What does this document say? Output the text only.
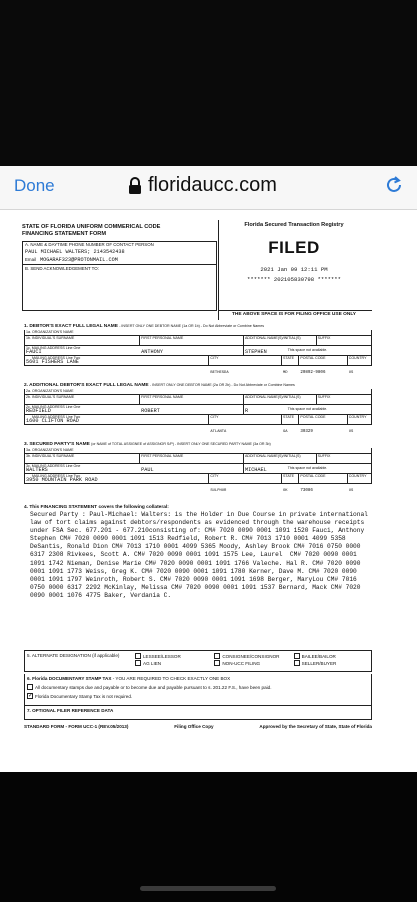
Done	floridaucc.com
STATE OF FLORIDA UNIFORM COMMERICAL CODE
FINANCING STATEMENT FORM
A. NAME & DAYTIME PHONE NUMBER OF CONTACT PERSON
PAUL MICHAEL WALTERS; 2143542438
Email MOGARAF323@PROTONMAIL.COM
B. SEND ACKNOWLEDGEMENT TO:
Florida Secured Transaction Registry
FILED
2021 Jan 09 12:11 PM
******* 202105830798 *******
THE ABOVE SPACE IS FOR FILING OFFICE USE ONLY
1. DEBTOR'S EXACT FULL LEGAL NAME - INSERT ONLY ONE DEBTOR NAME (1a OR 1b) - Do Not Abbreviate or Combine Names
1a. ORGANIZATION'S NAME
1b. INDIVIDUAL'S SURNAME
FAUCI
FIRST PERSONAL NAME
ANTHONY
ADDITIONAL NAME(S)/INITIAL(S)
STEPHEN
SUFFIX
1c. MAILING ADDRESS Line One
5601 FISHERS LANE
This space not available.
MAILING ADDRESS Line Two	CITY
BETHESDA
STATE
MD
POSTAL CODE
20892-9806
COUNTRY
US
2. ADDITIONAL DEBTOR'S EXACT FULL LEGAL NAME - INSERT ONLY ONE DEBTOR NAME (2a OR 2b) - Do Not Abbreviate or Combine Names
2a. ORGANIZATION'S NAME
2b. INDIVIDUAL'S SURNAME
REDFIELD
FIRST PERSONAL NAME
ROBERT
ADDITIONAL NAME(S)/INITIAL(S)
R
SUFFIX
2c. MAILING ADDRESS Line One
1600 CLIFTON ROAD
This space not available.
MAILING ADDRESS Line Two	CITY
ATLANTA
STATE
GA
POSTAL CODE
30329
COUNTRY
US
3. SECURED PARTY'S NAME (or NAME of TOTAL ASSIGNEE of ASSIGNOR S/P) - INSERT ONLY ONE SECURED PARTY NAME (3a OR 3b)
3a. ORGANIZATION'S NAME
3b. INDIVIDUAL'S SURNAME
WALTERS
FIRST PERSONAL NAME
PAUL
ADDITIONAL NAME(S)/INITIAL(S)
MICHAEL
SUFFIX
3c. MAILING ADDRESS Line One
3950 MOUNTAIN PARK ROAD
This space not available.
MAILING ADDRESS Line Two	CITY
SULPHUR
STATE
OK
POSTAL CODE
73086
COUNTRY
US
4. This FINANCING STATEMENT covers the following collateral:
Secured Party : Paul-Michael: Walters: is the Holder in Due Course in private international law of tort claims against debtors/respondents as evidenced through the warehouse receipts under FSA Sec. 677.201 - 677.210consisting of: CM# 7020 0090 0001 1091 1520 Fauci, Anthony Stephen CM# 7020 0090 0001 1091 1513 Redfield, Robert R. CM# 7013 1710 0001 4099 5358 DeSantis, Ronald Dion CM# 7013 1710 0001 4099 5365 Moody, Ashley Brook CM# 7016 0750 0000 6317 2308 Rivkees, Scott A. CM# 7020 0090 0001 1091 1575 Lee, Laurel  CM# 7020 0090 0001 1091 1742 Nieman, Denise Marie CM# 7020 0090 0001 1091 1766 Valeche. Hal R. CM# 7020 0090 0001 1091 1773 Weiss, Greg K. CM# 7020 0090 0001 1091 1780 Kerner, Dave M. CM# 7020 0090 0001 1091 1797 Weinroth, Robert S. CM# 7020 0090 0001 1091 1698 Berger, MaryLou CM# 7016 0750 0000 6317 2292 McKinlay, Melissa CM# 7020 0090 0001 1091 1537 Bernard, Mack CM# 7020 0090 0001 1076 4775 Baker, Verdania C.
5. ALTERNATE DESIGNATION (if applicable)	LESSEE/LESSOR
AG LIEN
CONSIGNEE/CONSIGNOR
NON-UCC FILING
BAILEE/BAILOR
SELLER/BUYER
6. Florida DOCUMENTARY STAMP TAX - YOU ARE REQUIRED TO CHECK EXACTLY ONE BOX
All documentary stamps due and payable or to become due and payable pursuant to s. 201.22 F.S., have been paid.
✓ Florida Documentary Stamp Tax is not required.
7. OPTIONAL FILER REFERENCE DATA
STANDARD FORM - FORM UCC-1 (REV.05/2013)	Filing Office Copy	Approved by the Secretary of State, State of Florida
